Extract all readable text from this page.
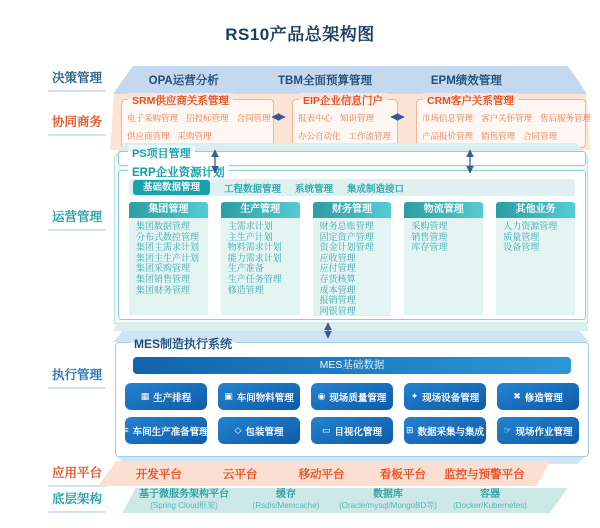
RS10产品总架构图
决策管理
协同商务
运营管理
执行管理
应用平台
底层架构
OPA运营分析	TBM全面预算管理	EPM绩效管理
SRM供应商关系管理
电子采购管理 招投标管理 合同管理
供应商管理 采购管理
EIP企业信息门户
报表中心 知识管理
办公自动化 工作流管理
CRM客户关系管理
市场信息管理 客户关怀管理 售后服务管理
产品报价管理 销售管理 合同管理
PS项目管理
ERP企业资源计划
基础数据管理	工程数据管理 系统管理 集成制造接口
集团管理
集团数据管理
分布式数控管理
集团主需求计划
集团主生产计划
集团采购管理
集团销售管理
集团财务管理
生产管理
主需求计划
主生产计划
物料需求计划
能力需求计划
生产准备
生产任务管理
修造管理
财务管理
财务总账管理
固定资产管理
资金计划管理
应收管理
应付管理
存货核算
成本管理
报销管理
网银管理
物流管理
采购管理
销售管理
库存管理
其他业务
人力资源管理
质量管理
设备管理
MES制造执行系统
MES基础数据
▦ 生产排程	▣ 车间物料管理	◉ 现场质量管理	✦ 现场设备管理	✖ 修造管理
≡ 车间生产准备管理	◇ 包装管理	▭ 目视化管理	⊞ 数据采集与集成 ☞ 现场作业管理
开发平台	云平台	移动平台	看板平台	监控与预警平台
基于微服务架构平台
(Spring Cloud框架)
缓存
(Rsdis/Memcache)
数据库
(Oracle/mysql/MongoBD等)
容器
(Docker/Kubernetes)
